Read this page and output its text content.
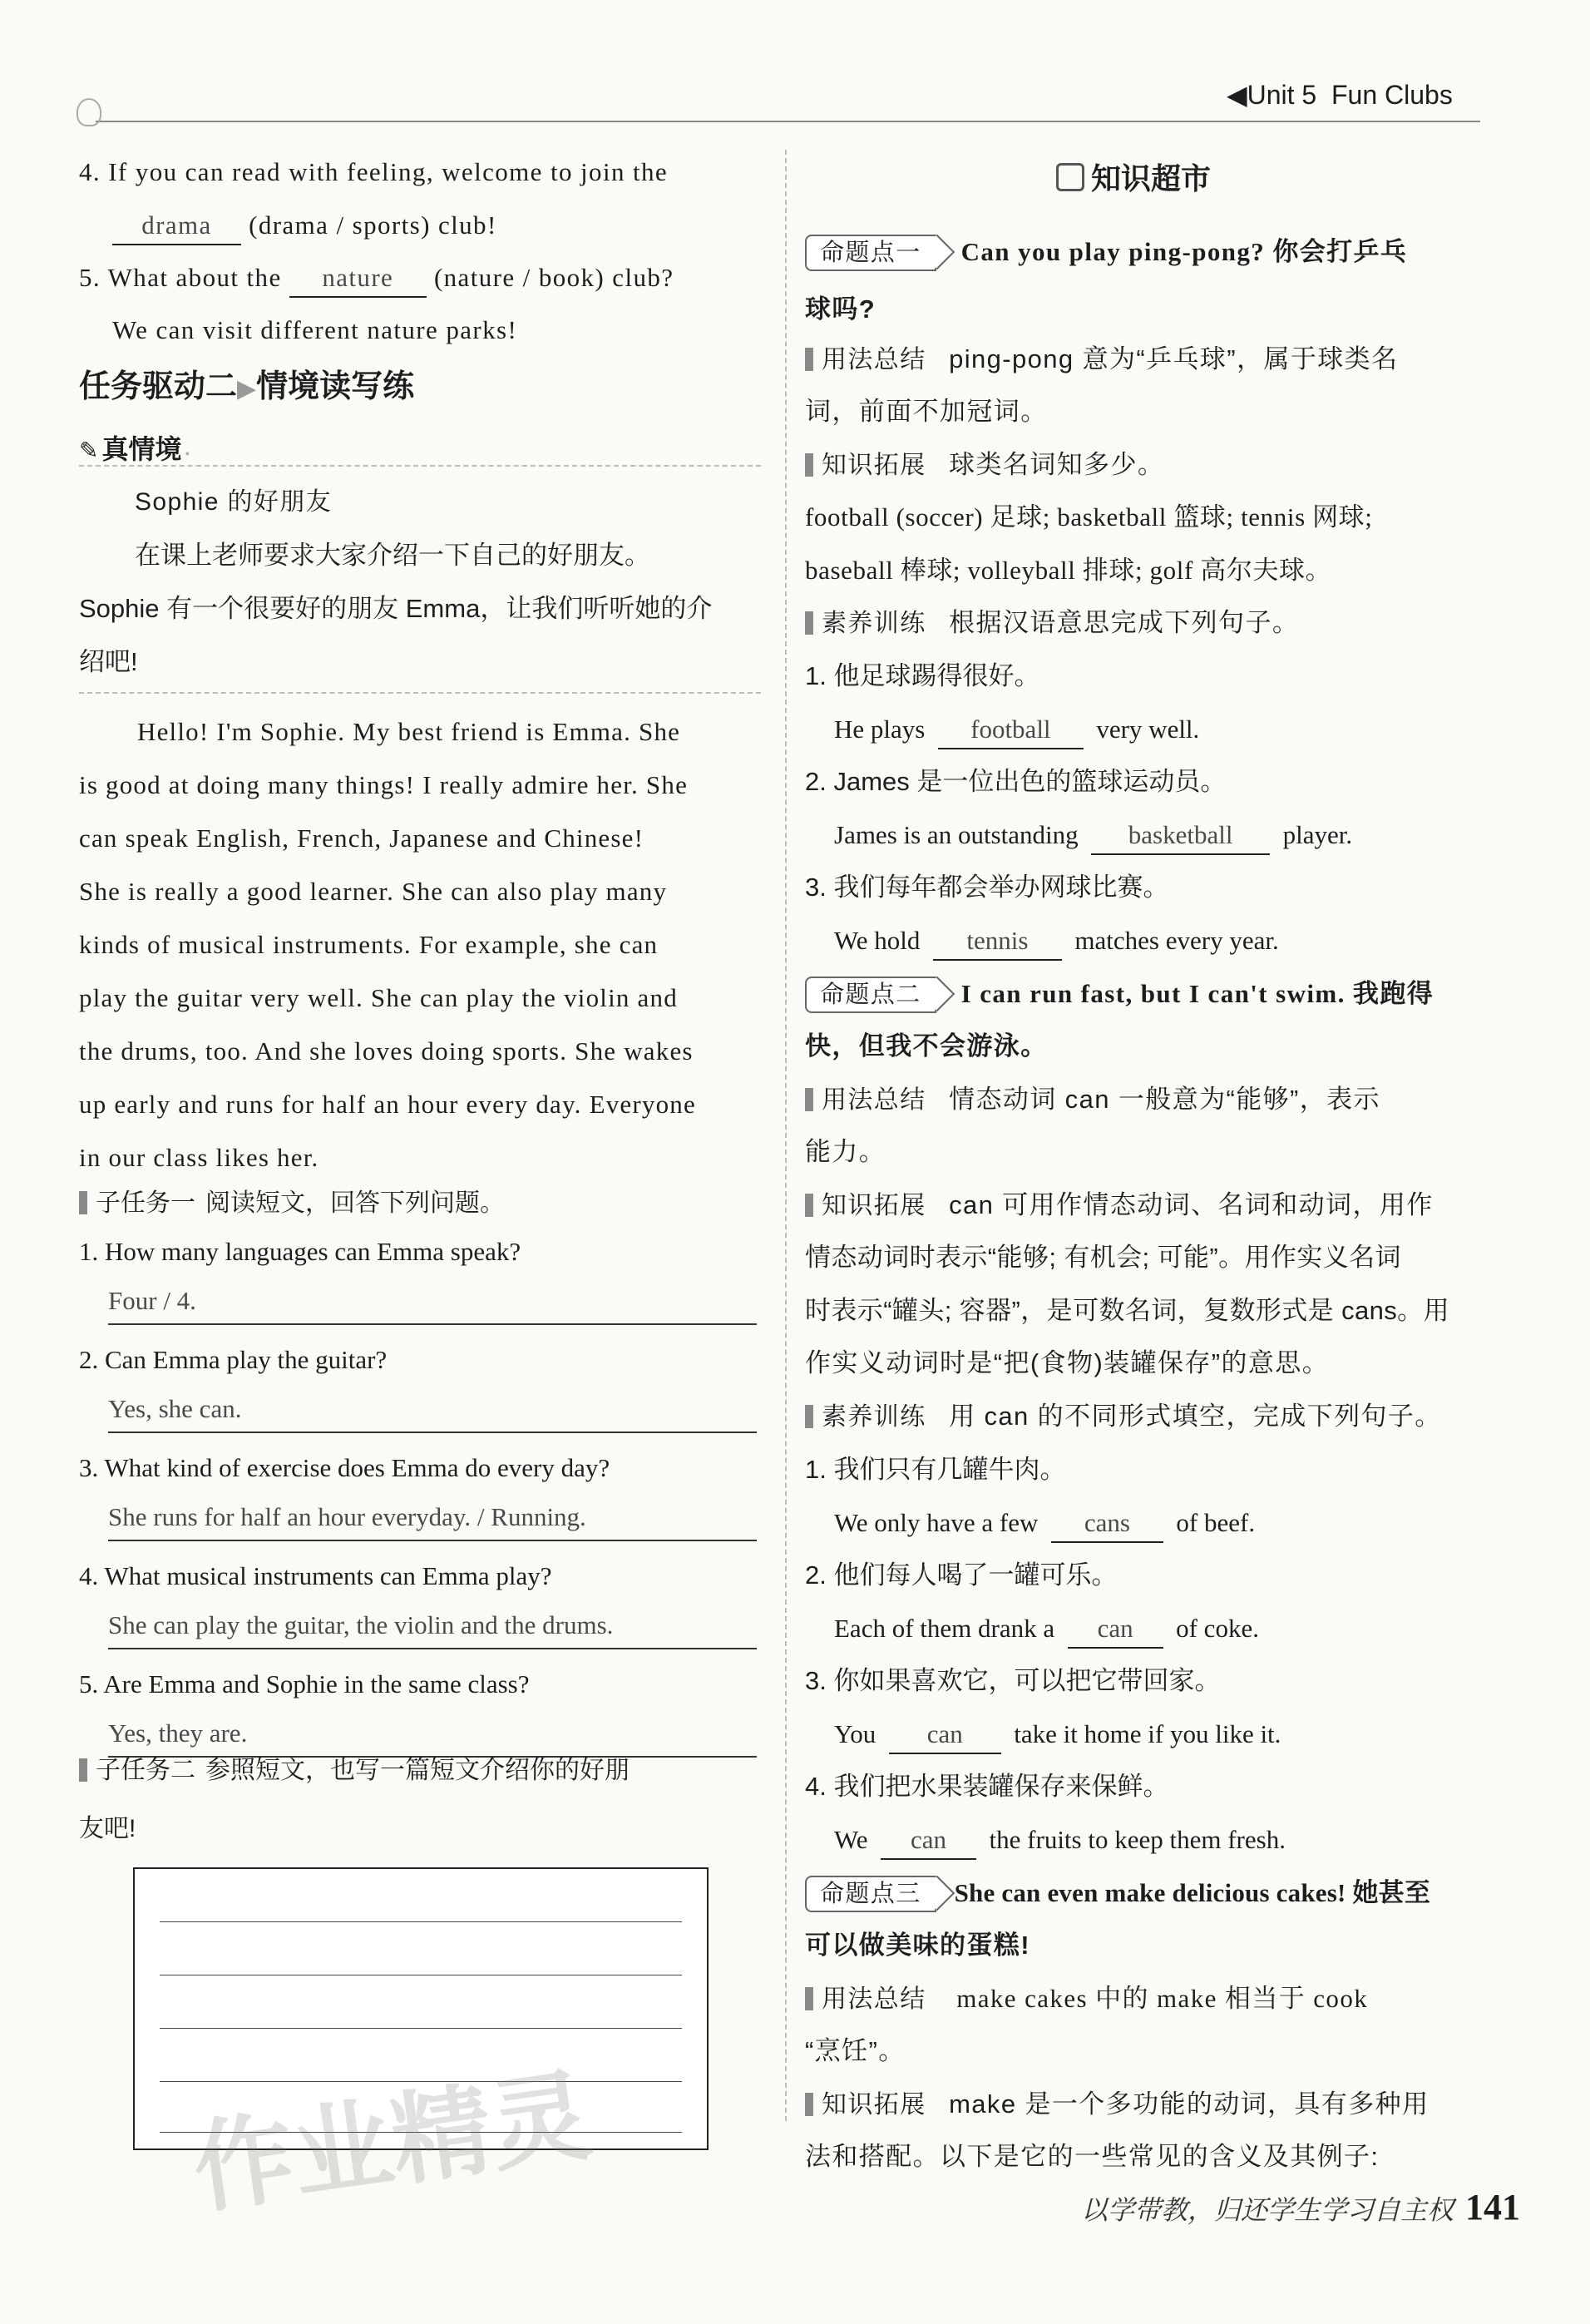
◀Unit 5 Fun Clubs
4. If you can read with feeling, welcome to join the
drama (drama / sports) club!
5. What about the nature (nature / book) club?
We can visit different nature parks!
任务驱动二▶情境读写练
✎ 真情境 •
Sophie 的好朋友
在课上老师要求大家介绍一下自己的好朋友。
Sophie 有一个很要好的朋友 Emma，让我们听听她的介
绍吧!
Hello! I'm Sophie. My best friend is Emma. She
is good at doing many things! I really admire her. She
can speak English, French, Japanese and Chinese!
She is really a good learner. She can also play many
kinds of musical instruments. For example, she can
play the guitar very well. She can play the violin and
the drums, too. And she loves doing sports. She wakes
up early and runs for half an hour every day. Everyone
in our class likes her.
子任务一 阅读短文，回答下列问题。
1. How many languages can Emma speak?
Four / 4.
2. Can Emma play the guitar?
Yes, she can.
3. What kind of exercise does Emma do every day?
She runs for half an hour everyday. / Running.
4. What musical instruments can Emma play?
She can play the guitar, the violin and the drums.
5. Are Emma and Sophie in the same class?
Yes, they are.
子任务二 参照短文，也写一篇短文介绍你的好朋
友吧!
作业精灵
知识超市
命题点一 Can you play ping-pong? 你会打乒乓
球吗?
用法总结 ping-pong 意为“乒乓球”，属于球类名
词，前面不加冠词。
知识拓展 球类名词知多少。
football (soccer) 足球; basketball 篮球; tennis 网球;
baseball 棒球; volleyball 排球; golf 高尔夫球。
素养训练 根据汉语意思完成下列句子。
1. 他足球踢得很好。
He plays football very well.
2. James 是一位出色的篮球运动员。
James is an outstanding basketball player.
3. 我们每年都会举办网球比赛。
We hold tennis matches every year.
命题点二 I can run fast, but I can't swim. 我跑得
快，但我不会游泳。
用法总结 情态动词 can 一般意为“能够”，表示
能力。
知识拓展 can 可用作情态动词、名词和动词，用作
情态动词时表示“能够; 有机会; 可能”。用作实义名词
时表示“罐头; 容器”，是可数名词，复数形式是 cans。用
作实义动词时是“把(食物)装罐保存”的意思。
素养训练 用 can 的不同形式填空，完成下列句子。
1. 我们只有几罐牛肉。
We only have a few cans of beef.
2. 他们每人喝了一罐可乐。
Each of them drank a can of coke.
3. 你如果喜欢它，可以把它带回家。
You can take it home if you like it.
4. 我们把水果装罐保存来保鲜。
We can the fruits to keep them fresh.
命题点三 She can even make delicious cakes! 她甚至
可以做美味的蛋糕!
用法总结 make cakes 中的 make 相当于 cook
“烹饪”。
知识拓展 make 是一个多功能的动词，具有多种用
法和搭配。以下是它的一些常见的含义及其例子:
以学带教，归还学生学习自主权 141
